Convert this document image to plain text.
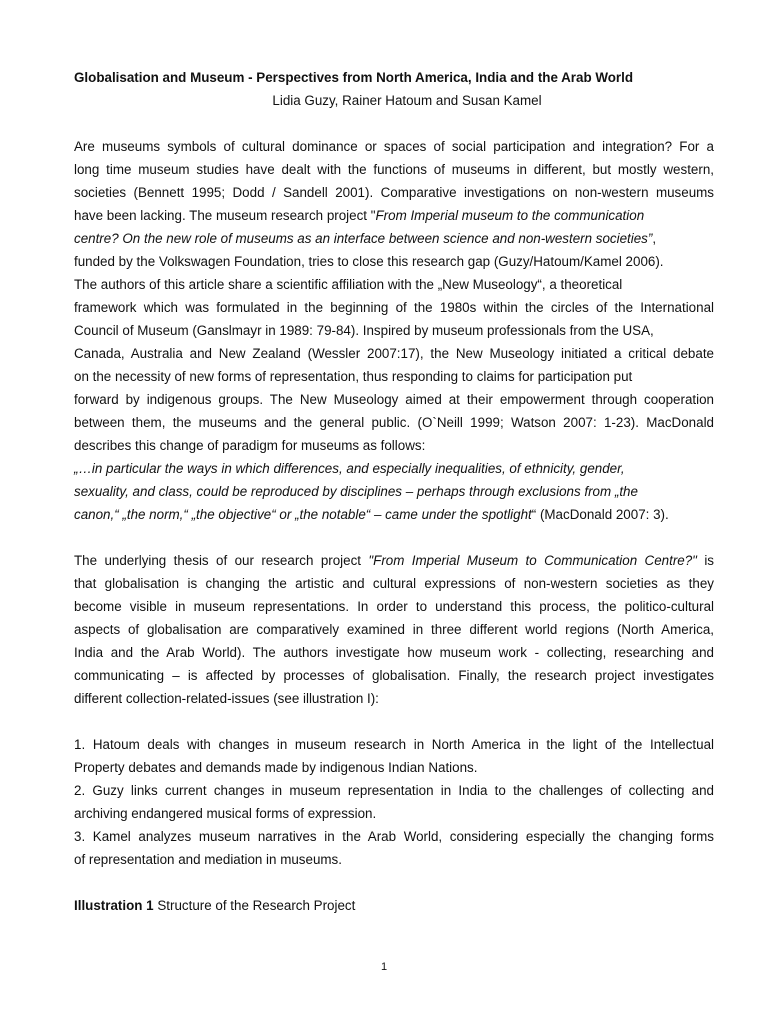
Globalisation and Museum - Perspectives from North America, India and the Arab World

Lidia Guzy, Rainer Hatoum and Susan Kamel

Are museums symbols of cultural dominance or spaces of social participation and integration? For a
long time museum studies have dealt with the functions of museums in different, but mostly western,
societies (Bennett 1995; Dodd / Sandell 2001). Comparative investigations on non-western museums
have been lacking. The museum research project "From Imperial museum to the communication
centre? On the new role of museums as an interface between science and non-western societies”,
funded by the Volkswagen Foundation, tries to close this research gap (Guzy/Hatoum/Kamel 2006).
The authors of this article share a scientific affiliation with the „New Museology“, a theoretical
framework which was formulated in the beginning of the 1980s within the circles of the International
Council of Museum (Ganslmayr in 1989: 79-84). Inspired by museum professionals from the USA,
Canada, Australia and New Zealand (Wessler 2007:17), the New Museology initiated a critical debate
on the necessity of new forms of representation, thus responding to claims for participation put
forward by indigenous groups. The New Museology aimed at their empowerment through cooperation
between them, the museums and the general public. (O`Neill 1999; Watson 2007: 1-23). MacDonald
describes this change of paradigm for museums as follows:
„…in particular the ways in which differences, and especially inequalities, of ethnicity, gender,
sexuality, and class, could be reproduced by disciplines – perhaps through exclusions from „the
canon,“ „the norm,“ „the objective“ or „the notable“ – came under the spotlight“ (MacDonald 2007: 3).
The underlying thesis of our research project "From Imperial Museum to Communication Centre?" is
that globalisation is changing the artistic and cultural expressions of non-western societies as they
become visible in museum representations. In order to understand this process, the politico-cultural
aspects of globalisation are comparatively examined in three different world regions (North America,
India and the Arab World). The authors investigate how museum work - collecting, researching and
communicating – is affected by processes of globalisation. Finally, the research project investigates
different collection-related-issues (see illustration I):
1. Hatoum deals with changes in museum research in North America in the light of the Intellectual
Property debates and demands made by indigenous Indian Nations.
2. Guzy links current changes in museum representation in India to the challenges of collecting and
archiving endangered musical forms of expression.
3. Kamel analyzes museum narratives in the Arab World, considering especially the changing forms
of representation and mediation in museums.

Illustration 1 Structure of the Research Project

1
